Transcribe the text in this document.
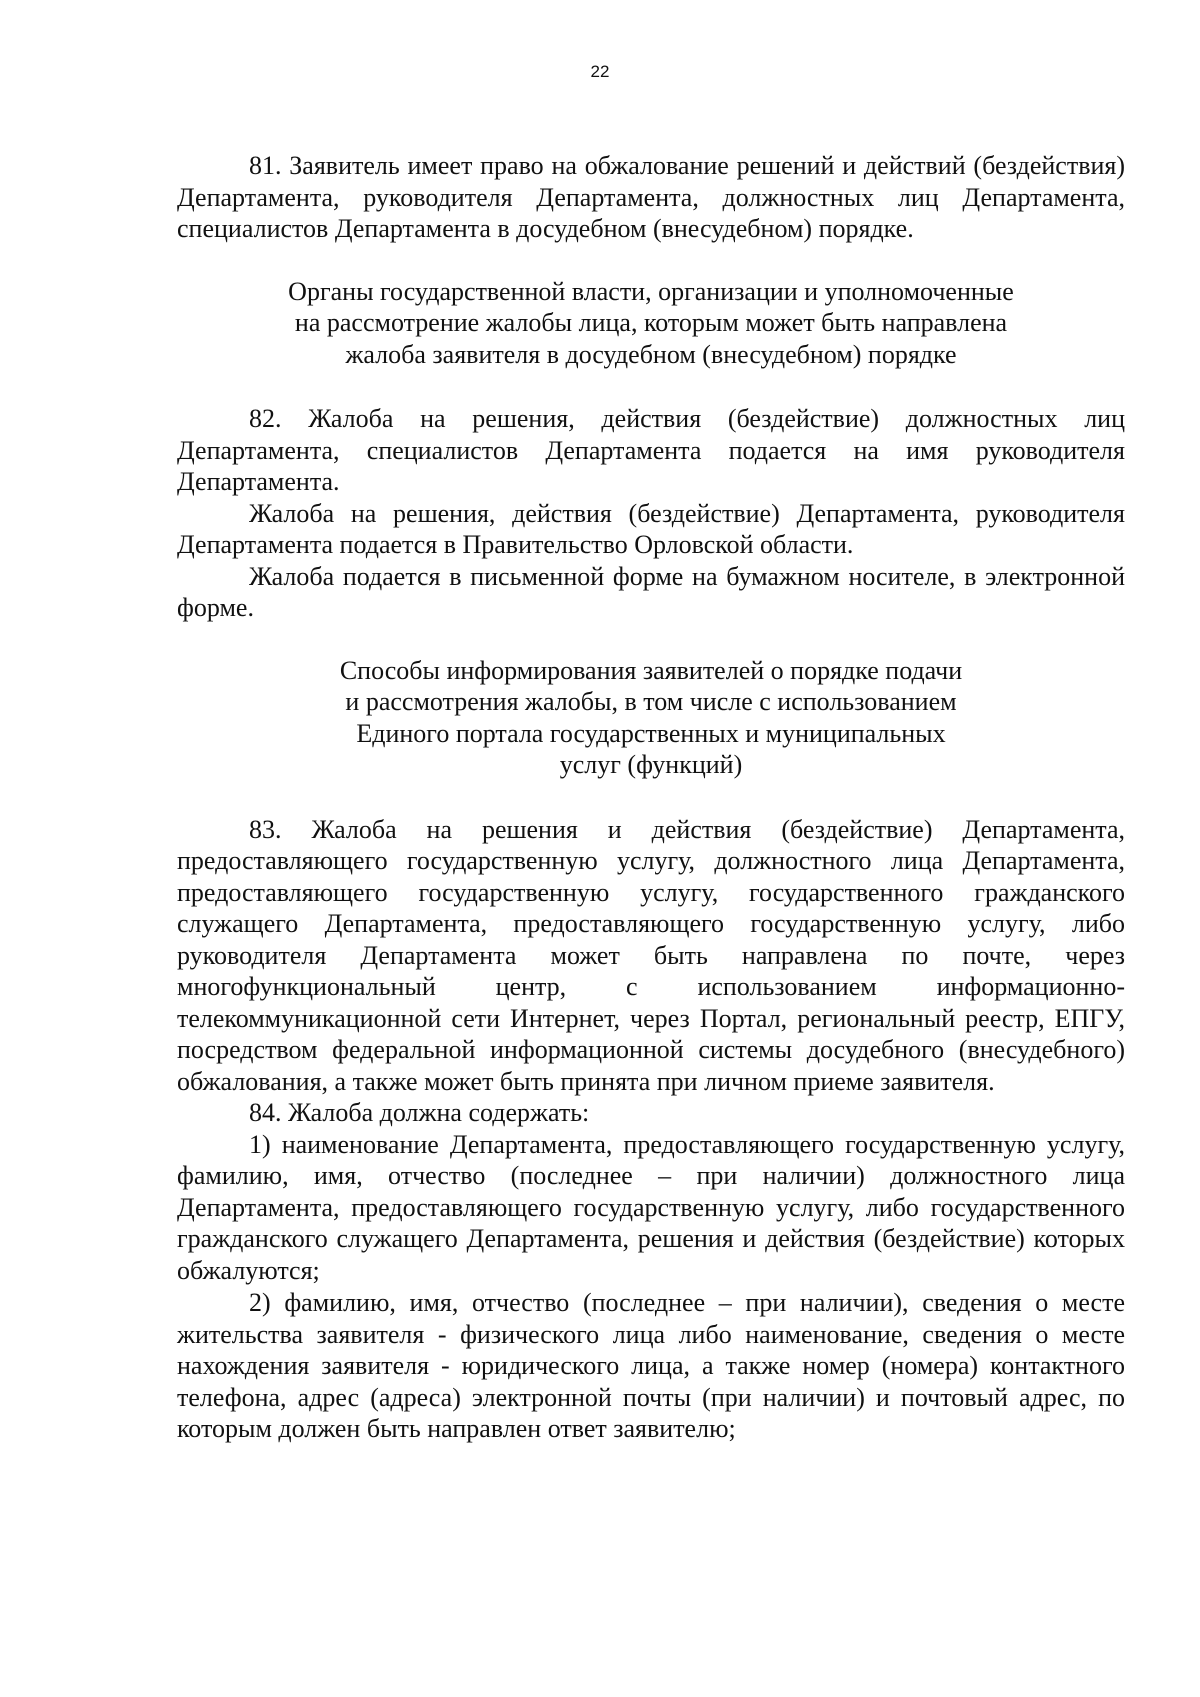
22

81. Заявитель имеет право на обжалование решений и действий (бездействия) Департамента, руководителя Департамента, должностных лиц Департамента, специалистов Департамента в досудебном (внесудебном) порядке.

Органы государственной власти, организации и уполномоченные
на рассмотрение жалобы лица, которым может быть направлена
жалоба заявителя в досудебном (внесудебном) порядке

82. Жалоба на решения, действия (бездействие) должностных лиц Департамента, специалистов Департамента подается на имя руководителя Департамента.

Жалоба на решения, действия (бездействие) Департамента, руководителя Департамента подается в Правительство Орловской области.

Жалоба подается в письменной форме на бумажном носителе, в электронной форме.

Способы информирования заявителей о порядке подачи
и рассмотрения жалобы, в том числе с использованием
Единого портала государственных и муниципальных
услуг (функций)

83. Жалоба на решения и действия (бездействие) Департамента, предоставляющего государственную услугу, должностного лица Департамента, предоставляющего государственную услугу, государственного гражданского служащего Департамента, предоставляющего государственную услугу, либо руководителя Департамента может быть направлена по почте, через многофункциональный центр, с использованием информационно-телекоммуникационной сети Интернет, через Портал, региональный реестр, ЕПГУ, посредством федеральной информационной системы досудебного (внесудебного) обжалования, а также может быть принята при личном приеме заявителя.

84. Жалоба должна содержать:

1) наименование Департамента, предоставляющего государственную услугу, фамилию, имя, отчество (последнее – при наличии) должностного лица Департамента, предоставляющего государственную услугу, либо государственного гражданского служащего Департамента, решения и действия (бездействие) которых обжалуются;

2) фамилию, имя, отчество (последнее – при наличии), сведения о месте жительства заявителя - физического лица либо наименование, сведения о месте нахождения заявителя - юридического лица, а также номер (номера) контактного телефона, адрес (адреса) электронной почты (при наличии) и почтовый адрес, по которым должен быть направлен ответ заявителю;
